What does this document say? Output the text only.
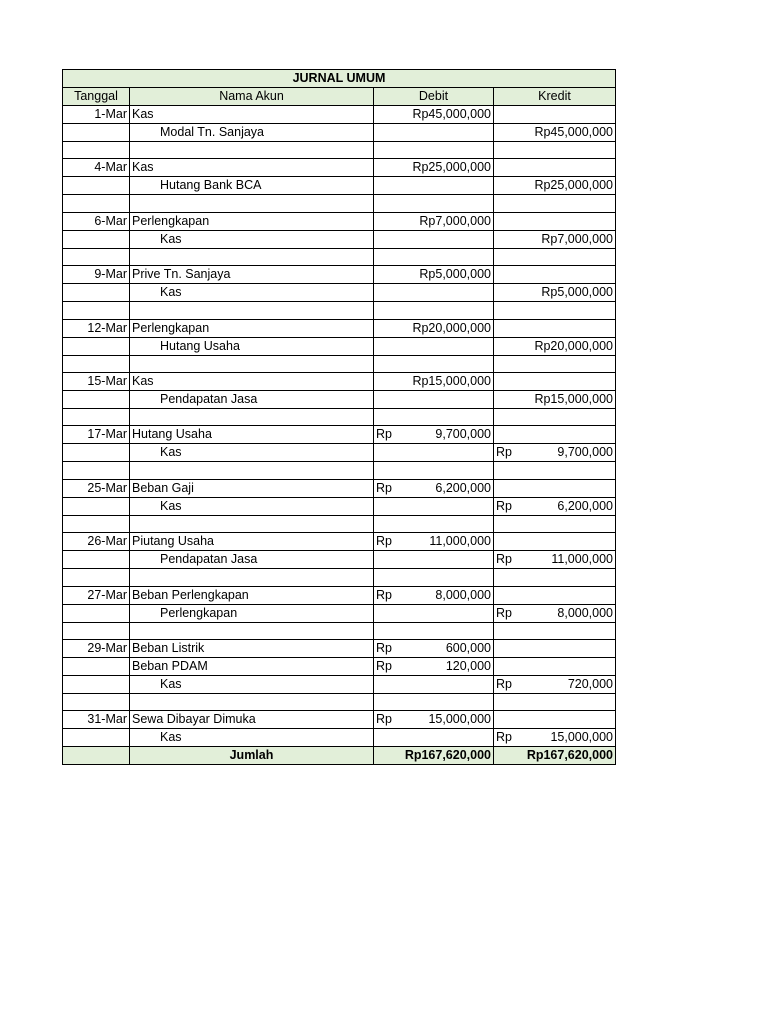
JURNAL UMUM			
Tanggal	Nama Akun	Debit	Kredit
1-Mar	Kas	Rp45,000,000	
	Modal Tn. Sanjaya		Rp45,000,000

4-Mar	Kas	Rp25,000,000	
	Hutang Bank BCA		Rp25,000,000

6-Mar	Perlengkapan	Rp7,000,000	
	Kas		Rp7,000,000

9-Mar	Prive Tn. Sanjaya	Rp5,000,000	
	Kas		Rp5,000,000

12-Mar	Perlengkapan	Rp20,000,000	
	Hutang Usaha		Rp20,000,000

15-Mar	Kas	Rp15,000,000	
	Pendapatan Jasa		Rp15,000,000

17-Mar	Hutang Usaha	Rp 9,700,000	

	Kas		Rp 9,700,000

25-Mar	Beban Gaji	Rp 6,200,000	

	Kas		Rp 6,200,000

26-Mar	Piutang Usaha	Rp 11,000,000	

	Pendapatan Jasa		Rp 11,000,000

27-Mar	Beban Perlengkapan	Rp 8,000,000	

	Perlengkapan		Rp 8,000,000

29-Mar	Beban Listrik	Rp 600,000	

	Beban PDAM	Rp 120,000	

	Kas		Rp 720,000

31-Mar	Sewa Dibayar Dimuka	Rp 15,000,000	

	Kas		Rp 15,000,000

	Jumlah	Rp167,620,000	Rp167,620,000
